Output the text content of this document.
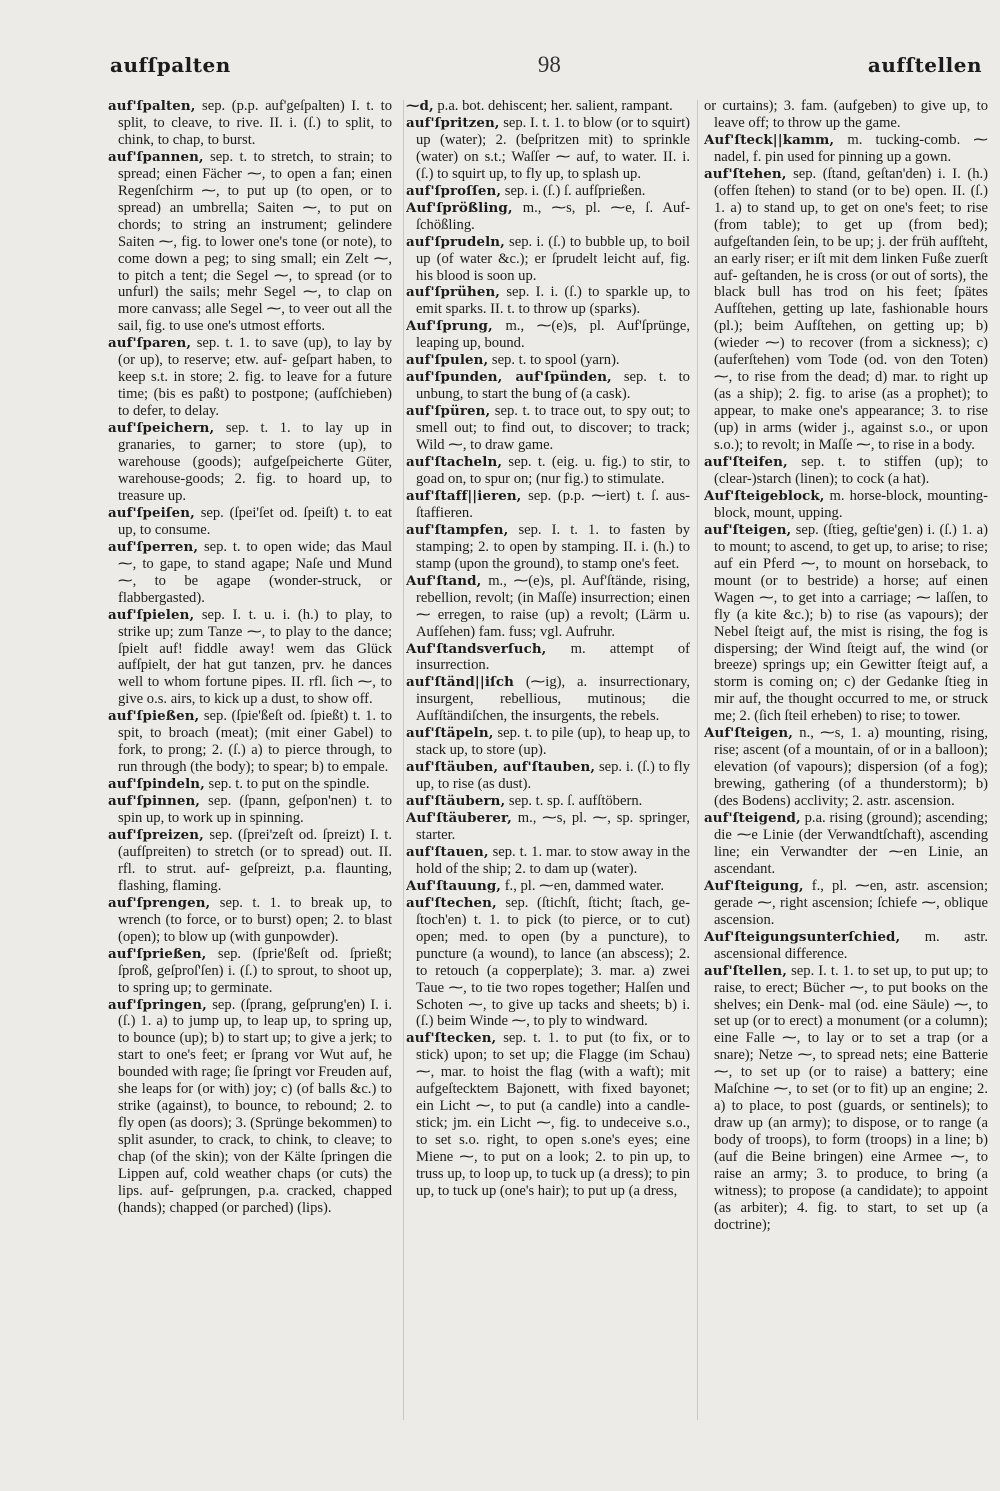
aufſpalten	98	aufſtellen

auf'ſpalten, sep. (p.p. auf'geſpalten) I. t. to split, to cleave, to rive. II. i. (ſ.) to split, to chink, to chap, to burst.

auf'ſpannen, sep. t. to stretch, to strain; to spread; einen Fächer ⁓, to open a fan; einen Regenſchirm ⁓, to put up (to open, or to spread) an umbrella; Saiten ⁓, to put on chords; to string an instrument; gelindere Saiten ⁓, fig. to lower one's tone (or note), to come down a peg; to sing small; ein Zelt ⁓, to pitch a tent; die Segel ⁓, to spread (or to unfurl) the sails; mehr Segel ⁓, to clap on more canvass; alle Segel ⁓, to veer out all the sail, fig. to use one's utmost efforts.

auf'ſparen, sep. t. 1. to save (up), to lay by (or up), to reserve; etw. auf- geſpart haben, to keep s.t. in store; 2. fig. to leave for a future time; (bis es paßt) to postpone; (aufſchieben) to defer, to delay.

auf'ſpeichern, sep. t. 1. to lay up in granaries, to garner; to store (up), to warehouse (goods); aufgeſpeicherte Güter, warehouse-goods; 2. fig. to hoard up, to treasure up.

auf'ſpeiſen, sep. (ſpei'ſet od. ſpeiſt) t. to eat up, to consume.

auf'ſperren, sep. t. to open wide; das Maul ⁓, to gape, to stand agape; Naſe und Mund ⁓, to be agape (wonder-struck, or flabbergasted).

auf'ſpielen, sep. I. t. u. i. (h.) to play, to strike up; zum Tanze ⁓, to play to the dance; ſpielt auf! fiddle away! wem das Glück aufſpielt, der hat gut tanzen, prv. he dances well to whom fortune pipes. II. rfl. ſich ⁓, to give o.s. airs, to kick up a dust, to show off.

auf'ſpießen, sep. (ſpie'ßeſt od. ſpießt) t. 1. to spit, to broach (meat); (mit einer Gabel) to fork, to prong; 2. (ſ.) a) to pierce through, to run through (the body); to spear; b) to empale.

auf'ſpindeln, sep. t. to put on the spindle.

auf'ſpinnen, sep. (ſpann, geſpon'nen) t. to spin up, to work up in spinning.

auf'ſpreizen, sep. (ſprei'zeſt od. ſpreizt) I. t. (aufſpreiten) to stretch (or to spread) out. II. rfl. to strut. auf- geſpreizt, p.a. flaunting, flashing, flaming.

auf'ſprengen, sep. t. 1. to break up, to wrench (to force, or to burst) open; 2. to blast (open); to blow up (with gunpowder).

auf'ſprießen, sep. (ſprie'ßeſt od. ſprießt; ſproß, geſproſ'ſen) i. (ſ.) to sprout, to shoot up, to spring up; to germinate.

auf'ſpringen, sep. (ſprang, geſprung'en) I. i. (ſ.) 1. a) to jump up, to leap up, to spring up, to bounce (up); b) to start up; to give a jerk; to start to one's feet; er ſprang vor Wut auf, he bounded with rage; ſie ſpringt vor Freuden auf, she leaps for (or with) joy; c) (of balls &c.) to strike (against), to bounce, to rebound; 2. to fly open (as doors); 3. (Sprünge bekommen) to split asunder, to crack, to chink, to cleave; to chap (of the skin); von der Kälte ſpringen die Lippen auf, cold weather chaps (or cuts) the lips. auf- geſprungen, p.a. cracked, chapped (hands); chapped (or parched) (lips).

⁓d, p.a. bot. dehiscent; her. salient, rampant.

auf'ſpritzen, sep. I. t. 1. to blow (or to squirt) up (water); 2. (beſpritzen mit) to sprinkle (water) on s.t.; Waſſer ⁓ auf, to water. II. i. (ſ.) to squirt up, to fly up, to splash up.

auf'ſproſſen, sep. i. (ſ.) ſ. aufſprießen.

Auf'ſprößling, m., ⁓s, pl. ⁓e, ſ. Auf- ſchößling.

auf'ſprudeln, sep. i. (ſ.) to bubble up, to boil up (of water &c.); er ſprudelt leicht auf, fig. his blood is soon up.

auf'ſprühen, sep. I. i. (ſ.) to sparkle up, to emit sparks. II. t. to throw up (sparks).

Auf'ſprung, m., ⁓(e)s, pl. Auf'ſprünge, leaping up, bound.

auf'ſpulen, sep. t. to spool (yarn).

auf'ſpunden, auf'ſpünden, sep. t. to unbung, to start the bung of (a cask).

auf'ſpüren, sep. t. to trace out, to spy out; to smell out; to find out, to discover; to track; Wild ⁓, to draw game.

auf'ſtacheln, sep. t. (eig. u. fig.) to stir, to goad on, to spur on; (nur fig.) to stimulate.

auf'ſtaff||ieren, sep. (p.p. ⁓iert) t. ſ. aus- ſtaffieren.

auf'ſtampfen, sep. I. t. 1. to fasten by stamping; 2. to open by stamping. II. i. (h.) to stamp (upon the ground), to stamp one's feet.

Auf'ſtand, m., ⁓(e)s, pl. Auf'ſtände, rising, rebellion, revolt; (in Maſſe) insurrection; einen ⁓ erregen, to raise (up) a revolt; (Lärm u. Aufſehen) fam. fuss; vgl. Aufruhr.

Auf'ſtandsverſuch, m. attempt of insurrection.

auf'ſtänd||iſch (⁓ig), a. insurrectionary, insurgent, rebellious, mutinous; die Aufſtändiſchen, the insurgents, the rebels.

auf'ſtäpeln, sep. t. to pile (up), to heap up, to stack up, to store (up).

auf'ſtäuben, auf'ſtauben, sep. i. (ſ.) to fly up, to rise (as dust).

auf'ſtäubern, sep. t. sp. ſ. aufſtöbern.

Auf'ſtäuberer, m., ⁓s, pl. ⁓, sp. springer, starter.

auf'ſtauen, sep. t. 1. mar. to stow away in the hold of the ship; 2. to dam up (water).

Auf'ſtauung, f., pl. ⁓en, dammed water.

auf'ſtechen, sep. (ſtichſt, ſticht; ſtach, ge- ſtoch'en) t. 1. to pick (to pierce, or to cut) open; med. to open (by a puncture), to puncture (a wound), to lance (an abscess); 2. to retouch (a copperplate); 3. mar. a) zwei Taue ⁓, to tie two ropes together; Halſen und Schoten ⁓, to give up tacks and sheets; b) i. (ſ.) beim Winde ⁓, to ply to windward.

auf'ſtecken, sep. t. 1. to put (to fix, or to stick) upon; to set up; die Flagge (im Schau) ⁓, mar. to hoist the flag (with a waft); mit aufgeſtecktem Bajonett, with fixed bayonet; ein Licht ⁓, to put (a candle) into a candle-stick; jm. ein Licht ⁓, fig. to undeceive s.o., to set s.o. right, to open s.one's eyes; eine Miene ⁓, to put on a look; 2. to pin up, to truss up, to loop up, to tuck up (a dress); to pin up, to tuck up (one's hair); to put up (a dress,

or curtains); 3. fam. (aufgeben) to give up, to leave off; to throw up the game.

Auf'ſteck||kamm, m. tucking-comb. ⁓ nadel, f. pin used for pinning up a gown.

auf'ſtehen, sep. (ſtand, geſtan'den) i. I. (h.) (offen ſtehen) to stand (or to be) open. II. (ſ.) 1. a) to stand up, to get on one's feet; to rise (from table); to get up (from bed); aufgeſtanden ſein, to be up; j. der früh aufſteht, an early riser; er iſt mit dem linken Fuße zuerſt auf- geſtanden, he is cross (or out of sorts), the black bull has trod on his feet; ſpätes Aufſtehen, getting up late, fashionable hours (pl.); beim Aufſtehen, on getting up; b) (wieder ⁓) to recover (from a sickness); c) (auferſtehen) vom Tode (od. von den Toten) ⁓, to rise from the dead; d) mar. to right up (as a ship); 2. fig. to arise (as a prophet); to appear, to make one's appearance; 3. to rise (up) in arms (wider j., against s.o., or upon s.o.); to revolt; in Maſſe ⁓, to rise in a body.

auf'ſteifen, sep. t. to stiffen (up); to (clear-)starch (linen); to cock (a hat).

Auf'ſteigeblock, m. horse-block, mounting-block, mount, upping.

auf'ſteigen, sep. (ſtieg, geſtie'gen) i. (ſ.) 1. a) to mount; to ascend, to get up, to arise; to rise; auf ein Pferd ⁓, to mount on horseback, to mount (or to bestride) a horse; auf einen Wagen ⁓, to get into a carriage; ⁓ laſſen, to fly (a kite &c.); b) to rise (as vapours); der Nebel ſteigt auf, the mist is rising, the fog is dispersing; der Wind ſteigt auf, the wind (or breeze) springs up; ein Gewitter ſteigt auf, a storm is coming on; c) der Gedanke ſtieg in mir auf, the thought occurred to me, or struck me; 2. (ſich ſteil erheben) to rise; to tower.

Auf'ſteigen, n., ⁓s, 1. a) mounting, rising, rise; ascent (of a mountain, of or in a balloon); elevation (of vapours); dispersion (of a fog); brewing, gathering (of a thunderstorm); b) (des Bodens) acclivity; 2. astr. ascension.

auf'ſteigend, p.a. rising (ground); ascending; die ⁓e Linie (der Verwandtſchaft), ascending line; ein Verwandter der ⁓en Linie, an ascendant.

Auf'ſteigung, f., pl. ⁓en, astr. ascension; gerade ⁓, right ascension; ſchiefe ⁓, oblique ascension.

Auf'ſteigungsunterſchied, m. astr. ascensional difference.

auf'ſtellen, sep. I. t. 1. to set up, to put up; to raise, to erect; Bücher ⁓, to put books on the shelves; ein Denk- mal (od. eine Säule) ⁓, to set up (or to erect) a monument (or a column); eine Falle ⁓, to lay or to set a trap (or a snare); Netze ⁓, to spread nets; eine Batterie ⁓, to set up (or to raise) a battery; eine Maſchine ⁓, to set (or to fit) up an engine; 2. a) to place, to post (guards, or sentinels); to draw up (an army); to dispose, or to range (a body of troops), to form (troops) in a line; b) (auf die Beine bringen) eine Armee ⁓, to raise an army; 3. to produce, to bring (a witness); to propose (a candidate); to appoint (as arbiter); 4. fig. to start, to set up (a doctrine);
